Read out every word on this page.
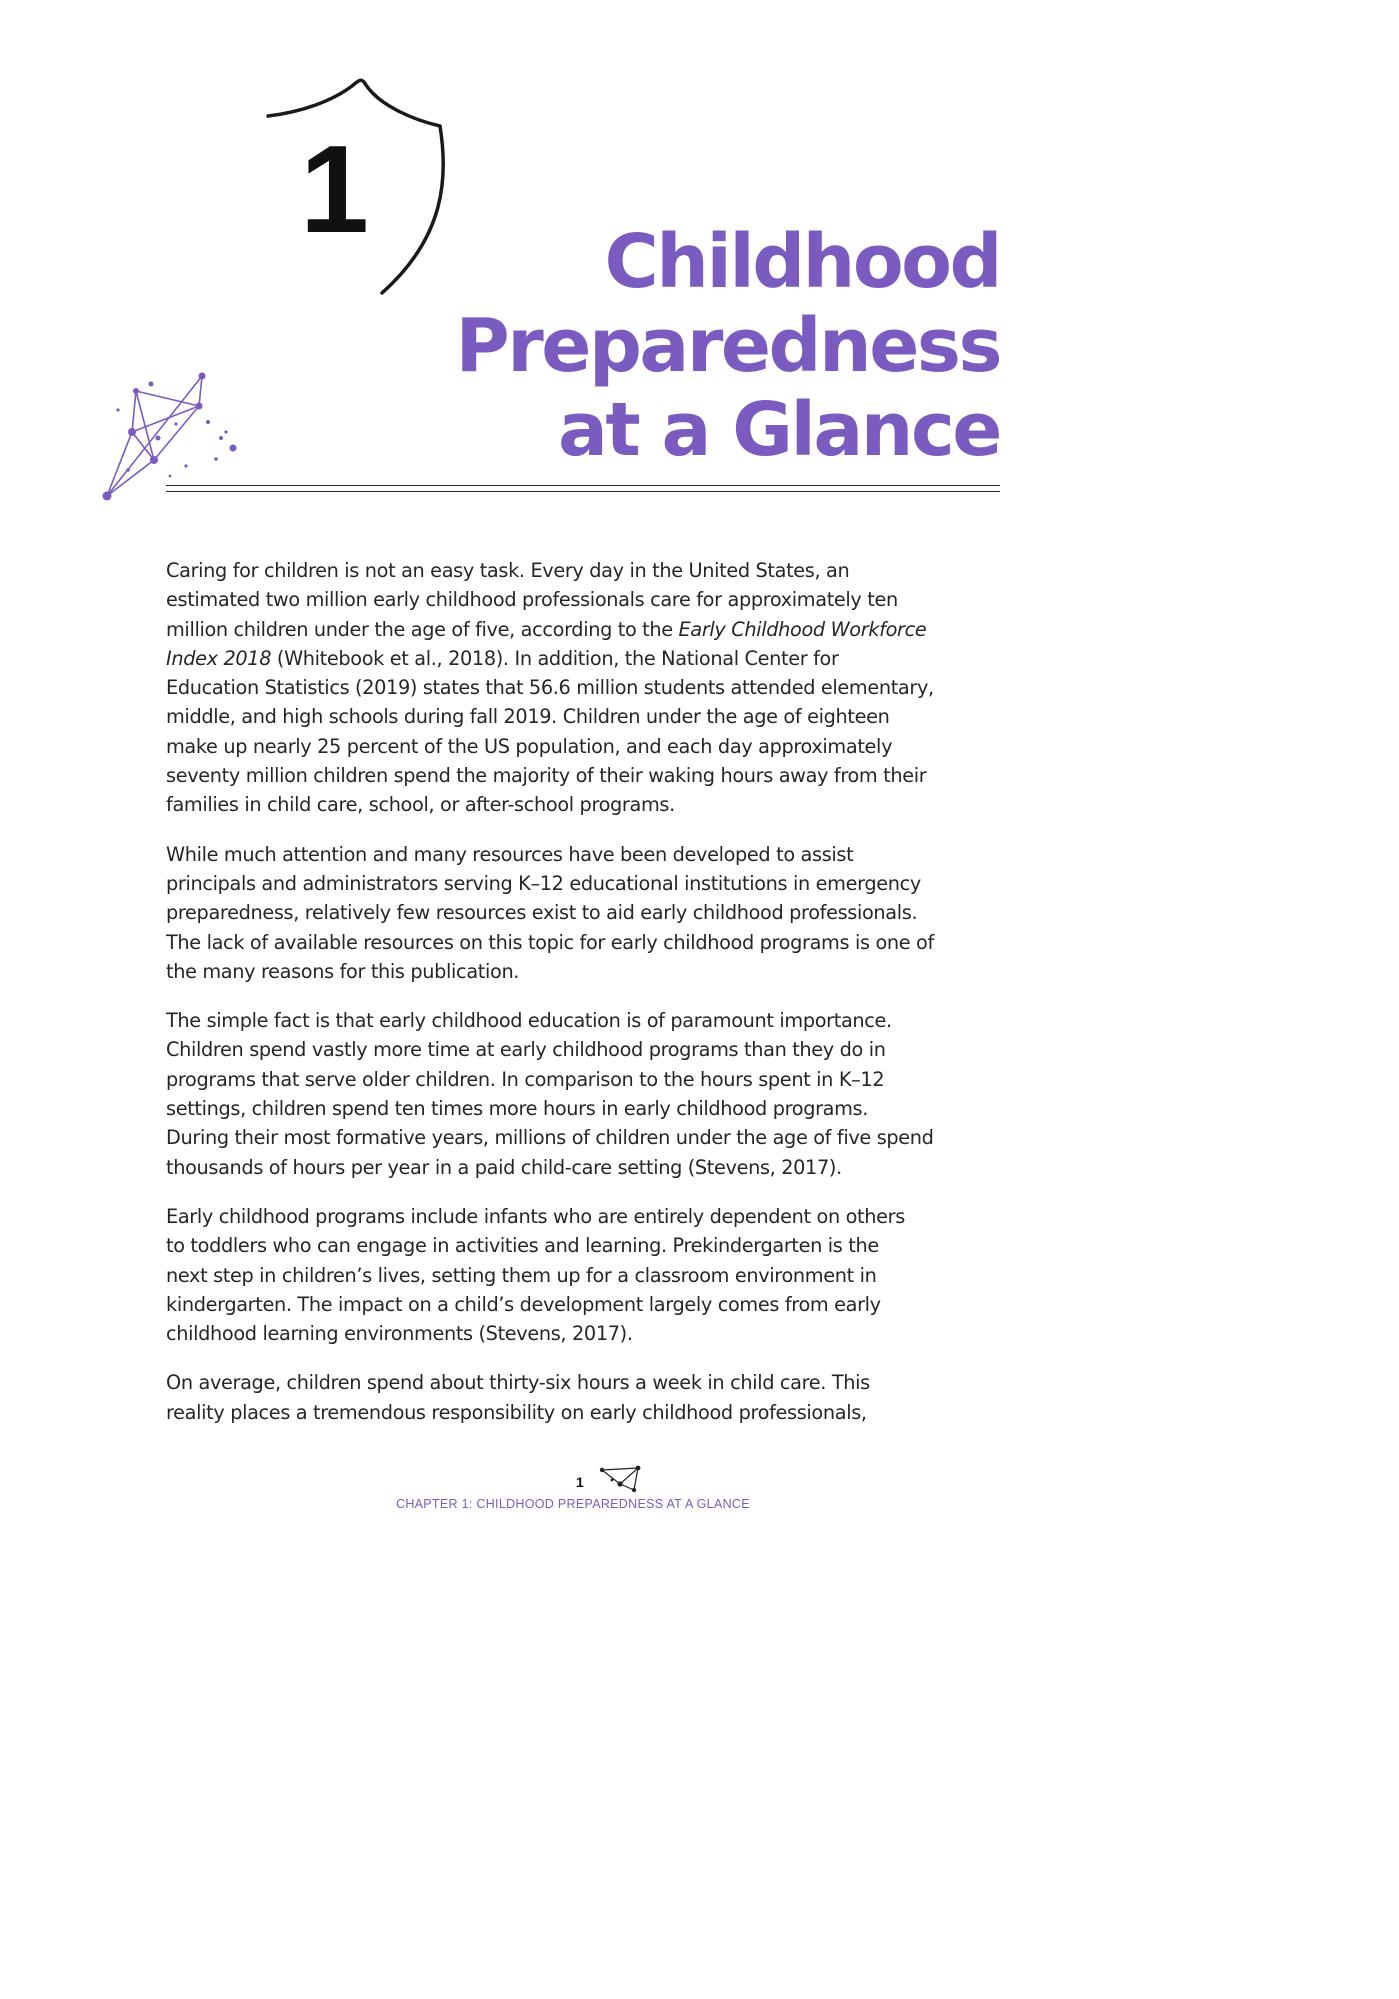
1
Childhood
Preparedness
at a Glance

Caring for children is not an easy task. Every day in the United States, an
estimated two million early childhood professionals care for approximately ten
million children under the age of five, according to the Early Childhood Workforce
Index 2018 (Whitebook et al., 2018). In addition, the National Center for
Education Statistics (2019) states that 56.6 million students attended elementary,
middle, and high schools during fall 2019. Children under the age of eighteen
make up nearly 25 percent of the US population, and each day approximately
seventy million children spend the majority of their waking hours away from their
families in child care, school, or after-school programs.

While much attention and many resources have been developed to assist
principals and administrators serving K–12 educational institutions in emergency
preparedness, relatively few resources exist to aid early childhood professionals.
The lack of available resources on this topic for early childhood programs is one of
the many reasons for this publication.

The simple fact is that early childhood education is of paramount importance.
Children spend vastly more time at early childhood programs than they do in
programs that serve older children. In comparison to the hours spent in K–12
settings, children spend ten times more hours in early childhood programs.
During their most formative years, millions of children under the age of five spend
thousands of hours per year in a paid child-care setting (Stevens, 2017).

Early childhood programs include infants who are entirely dependent on others
to toddlers who can engage in activities and learning. Prekindergarten is the
next step in children’s lives, setting them up for a classroom environment in
kindergarten. The impact on a child’s development largely comes from early
childhood learning environments (Stevens, 2017).

On average, children spend about thirty-six hours a week in child care. This
reality places a tremendous responsibility on early childhood professionals,

1
CHAPTER 1: CHILDHOOD PREPAREDNESS AT A GLANCE
